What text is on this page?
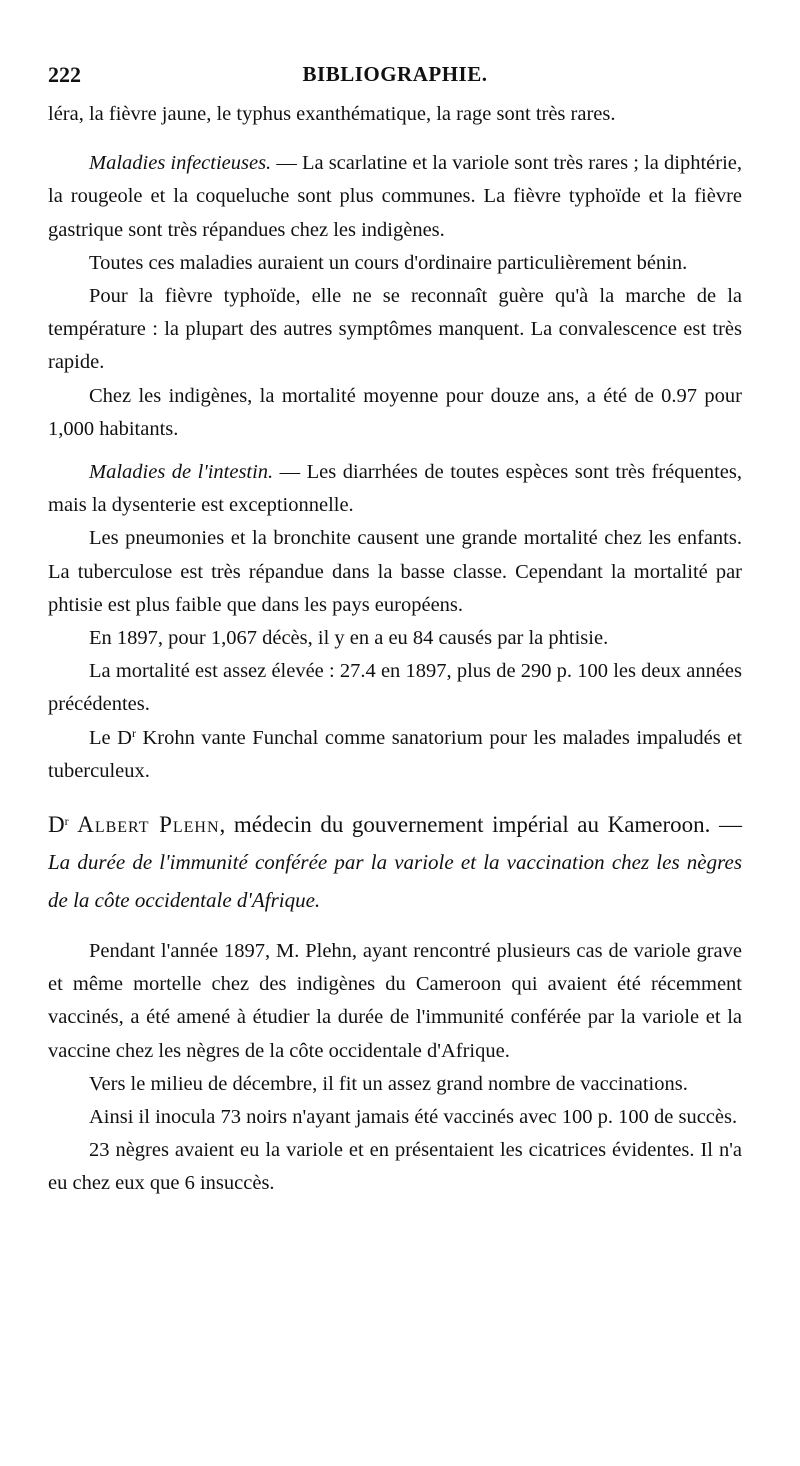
222	BIBLIOGRAPHIE.

léra, la fièvre jaune, le typhus exanthématique, la rage sont très rares.

Maladies infectieuses. — La scarlatine et la variole sont très rares ; la diphtérie, la rougeole et la coqueluche sont plus communes. La fièvre typhoïde et la fièvre gastrique sont très répandues chez les indigènes.

Toutes ces maladies auraient un cours d'ordinaire particulièrement bénin.

Pour la fièvre typhoïde, elle ne se reconnaît guère qu'à la marche de la température : la plupart des autres symptômes manquent. La convalescence est très rapide.

Chez les indigènes, la mortalité moyenne pour douze ans, a été de 0.97 pour 1,000 habitants.

Maladies de l'intestin. — Les diarrhées de toutes espèces sont très fréquentes, mais la dysenterie est exceptionnelle.

Les pneumonies et la bronchite causent une grande mortalité chez les enfants. La tuberculose est très répandue dans la basse classe. Cependant la mortalité par phtisie est plus faible que dans les pays européens.

En 1897, pour 1,067 décès, il y en a eu 84 causés par la phtisie.

La mortalité est assez élevée : 27.4 en 1897, plus de 290 p. 100 les deux années précédentes.

Le $D^r$ Krohn vante Funchal comme sanatorium pour les malades impaludés et tuberculeux.

$D^r$ Albert Plehn, médecin du gouvernement impérial au Kameroon. — La durée de l'immunité conférée par la variole et la vaccination chez les nègres de la côte occidentale d'Afrique.

Pendant l'année 1897, M. Plehn, ayant rencontré plusieurs cas de variole grave et même mortelle chez des indigènes du Cameroon qui avaient été récemment vaccinés, a été amené à étudier la durée de l'immunité conférée par la variole et la vaccine chez les nègres de la côte occidentale d'Afrique.

Vers le milieu de décembre, il fit un assez grand nombre de vaccinations.

Ainsi il inocula 73 noirs n'ayant jamais été vaccinés avec 100 p. 100 de succès.

23 nègres avaient eu la variole et en présentaient les cicatrices évidentes. Il n'a eu chez eux que 6 insuccès.
